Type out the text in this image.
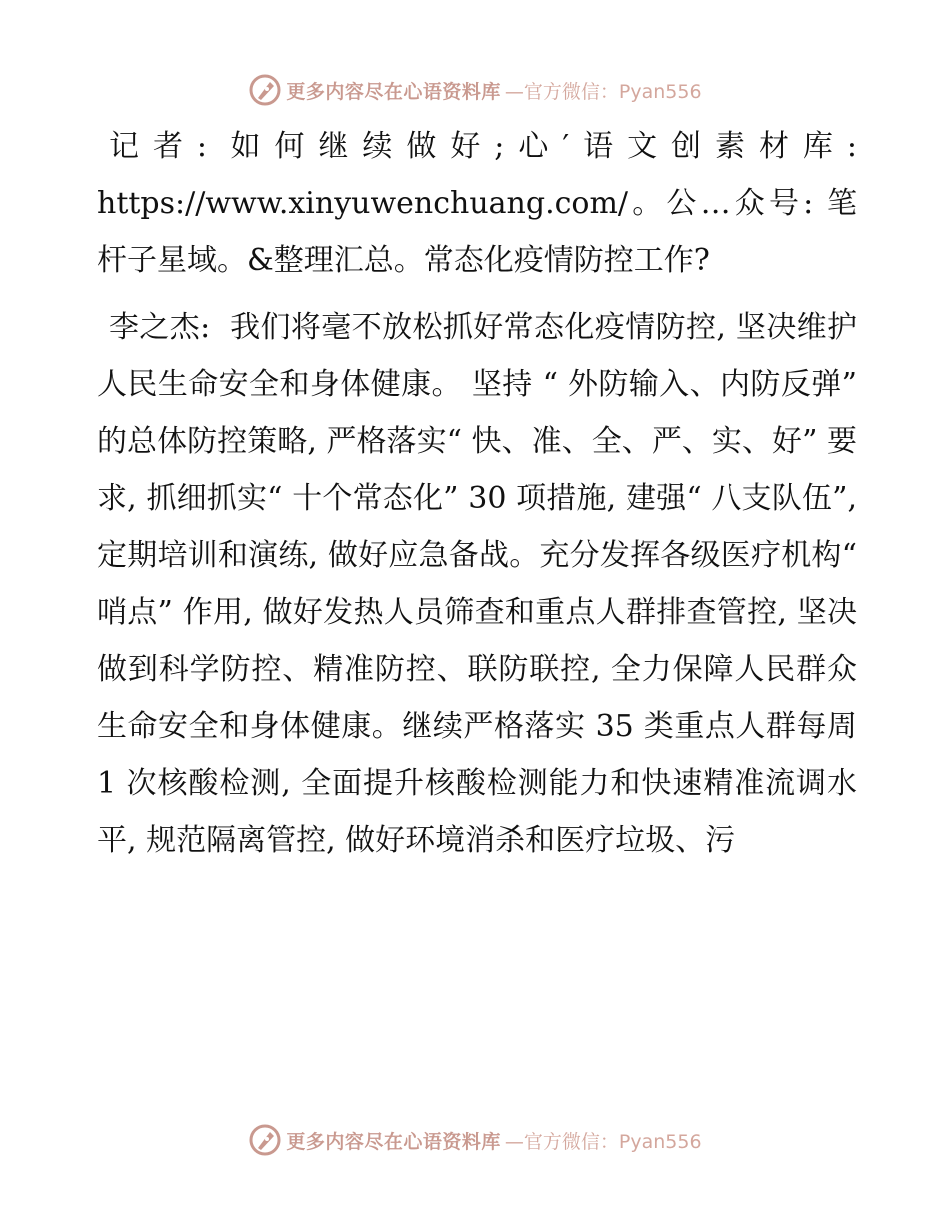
更多内容尽在心语资料库 —官方微信：Pyan556

记者: 如何继续做好;心′语文创素材库: https://www.xinyuwenchuang.com/。公…众号: 笔杆子星域。&整理汇总。常态化疫情防控工作?

李之杰:  我们将毫不放松抓好常态化疫情防控, 坚决维护人民生命安全和身体健康。 坚持 “ 外防输入、内防反弹” 的总体防控策略, 严格落实“ 快、准、全、严、实、好” 要求, 抓细抓实“ 十个常态化” 30 项措施, 建强“ 八支队伍”, 定期培训和演练, 做好应急备战。充分发挥各级医疗机构“ 哨点” 作用, 做好发热人员筛查和重点人群排查管控, 坚决做到科学防控、精准防控、联防联控, 全力保障人民群众生命安全和身体健康。继续严格落实 35 类重点人群每周 1 次核酸检测, 全面提升核酸检测能力和快速精准流调水平, 规范隔离管控, 做好环境消杀和医疗垃圾、污

更多内容尽在心语资料库 —官方微信：Pyan556
